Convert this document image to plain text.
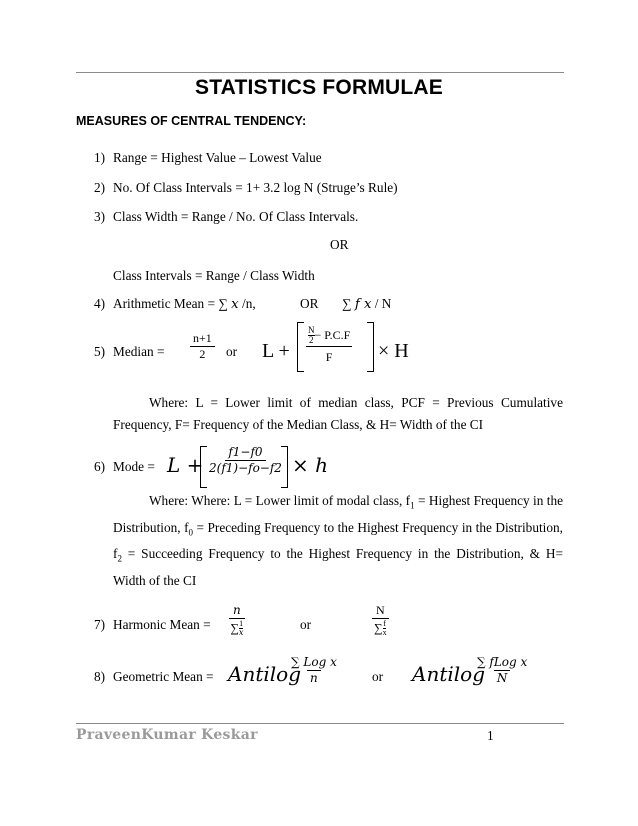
STATISTICS FORMULAE
MEASURES OF CENTRAL TENDENCY:
1) Range = Highest Value – Lowest Value
2) No. Of Class Intervals = 1+ 3.2 log N (Struge’s Rule)
3) Class Width = Range / No. Of Class Intervals.
OR
Class Intervals = Range / Class Width
4) Arithmetic Mean = ∑ x /n,	OR ∑ f x / N
5) Median = $\frac{n+1}{2}$ or L + N
2 − P.C.F
F × H
Where: L = Lower limit of median class, PCF = Previous Cumulative Frequency, F= Frequency of the Median Class, & H= Width of the CI
6) Mode = $L + \frac{f1-f0}{2(f1)-fo-f2} \times h$
Where: Where: L = Lower limit of modal class, $f_1$ = Highest Frequency in the Distribution, $f_0$ = Preceding Frequency to the Highest Frequency in the Distribution, $f_2$ = Succeeding Frequency to the Highest Frequency in the Distribution, & H= Width of the CI
7) Harmonic Mean = n
∑ 1
x	or	N
∑ f
x
8) Geometric Mean = Antilog
∑ Log x
n	or Antilog
∑ fLog x
N
PraveenKumar Keskar	1
